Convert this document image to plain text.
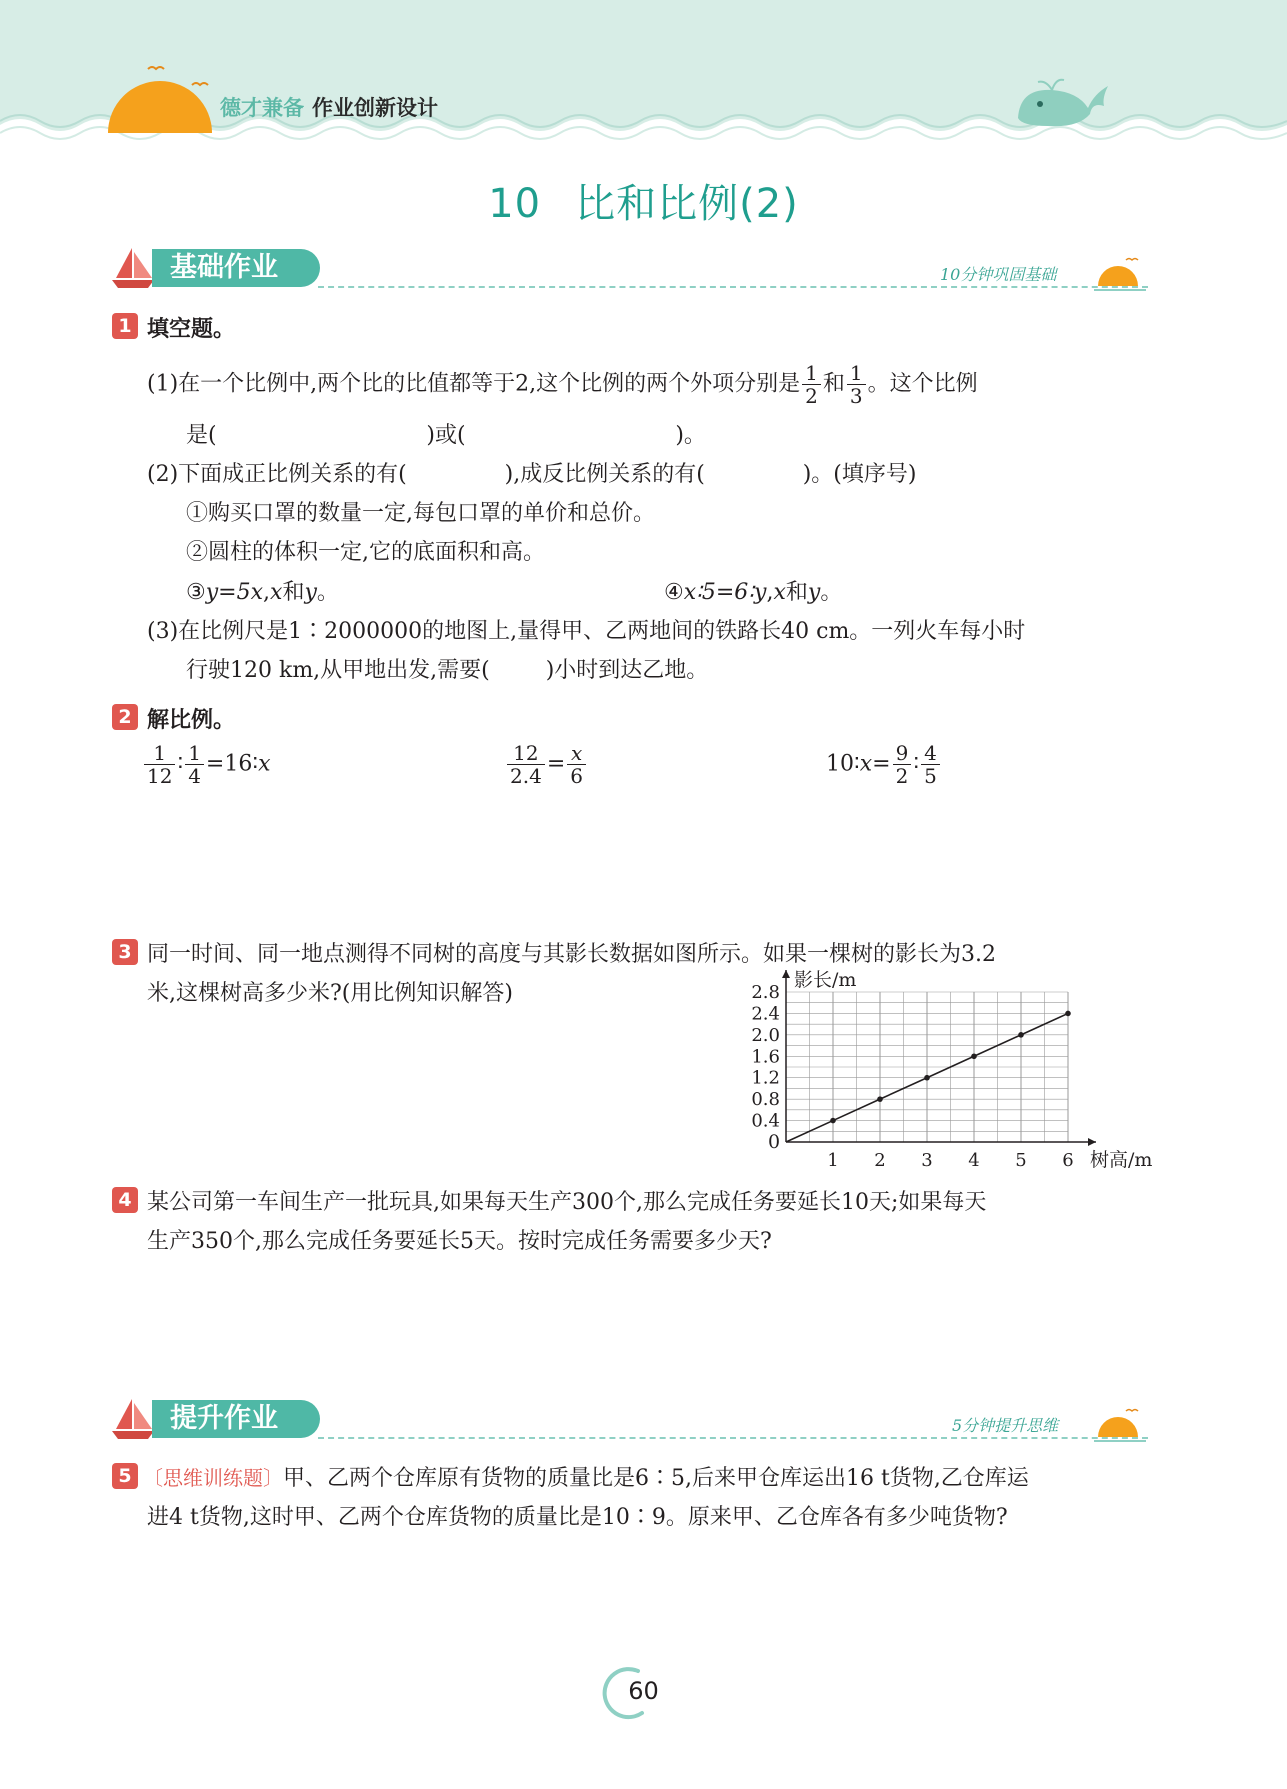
德才兼备 作业创新设计
10 比和比例(2)
基础作业	10分钟巩固基础
1 填空题。
(1)在一个比例中,两个比的比值都等于2,这个比例的两个外项分别是 $\frac{1}{2}$ 和 $\frac{1}{3}$ 。这个比例
是(                              )或(                              )。
(2)下面成正比例关系的有(              ),成反比例关系的有(              )。(填序号)
①购买口罩的数量一定,每包口罩的单价和总价。
②圆柱的体积一定,它的底面积和高。
③y=5x,x和y。	④x∶5=6∶y,x和y。
(3)在比例尺是1∶2000000的地图上,量得甲、乙两地间的铁路长40 cm。一列火车每小时
行驶120 km,从甲地出发,需要(        )小时到达乙地。
2 解比例。
$\frac{1}{12}$ ∶ $\frac{1}{4}$ =16∶x	$\frac{12}{2.4} = \frac{x}{6}$	10∶x= $\frac{9}{2}$ ∶ $\frac{4}{5}$
3 同一时间、同一地点测得不同树的高度与其影长数据如图所示。如果一棵树的影长为3.2
米,这棵树高多少米?(用比例知识解答)
1 2 3 4 5 6
0.4
0.8
1.2
1.6
2.0
2.4
2.8
影长/m
树高/m
0
4 某公司第一车间生产一批玩具,如果每天生产300个,那么完成任务要延长10天;如果每天
生产350个,那么完成任务要延长5天。按时完成任务需要多少天?
提升作业	5分钟提升思维
5 〔思维训练题〕甲、乙两个仓库原有货物的质量比是6∶5,后来甲仓库运出16 t货物,乙仓库运
进4 t货物,这时甲、乙两个仓库货物的质量比是10∶9。原来甲、乙仓库各有多少吨货物?
60
